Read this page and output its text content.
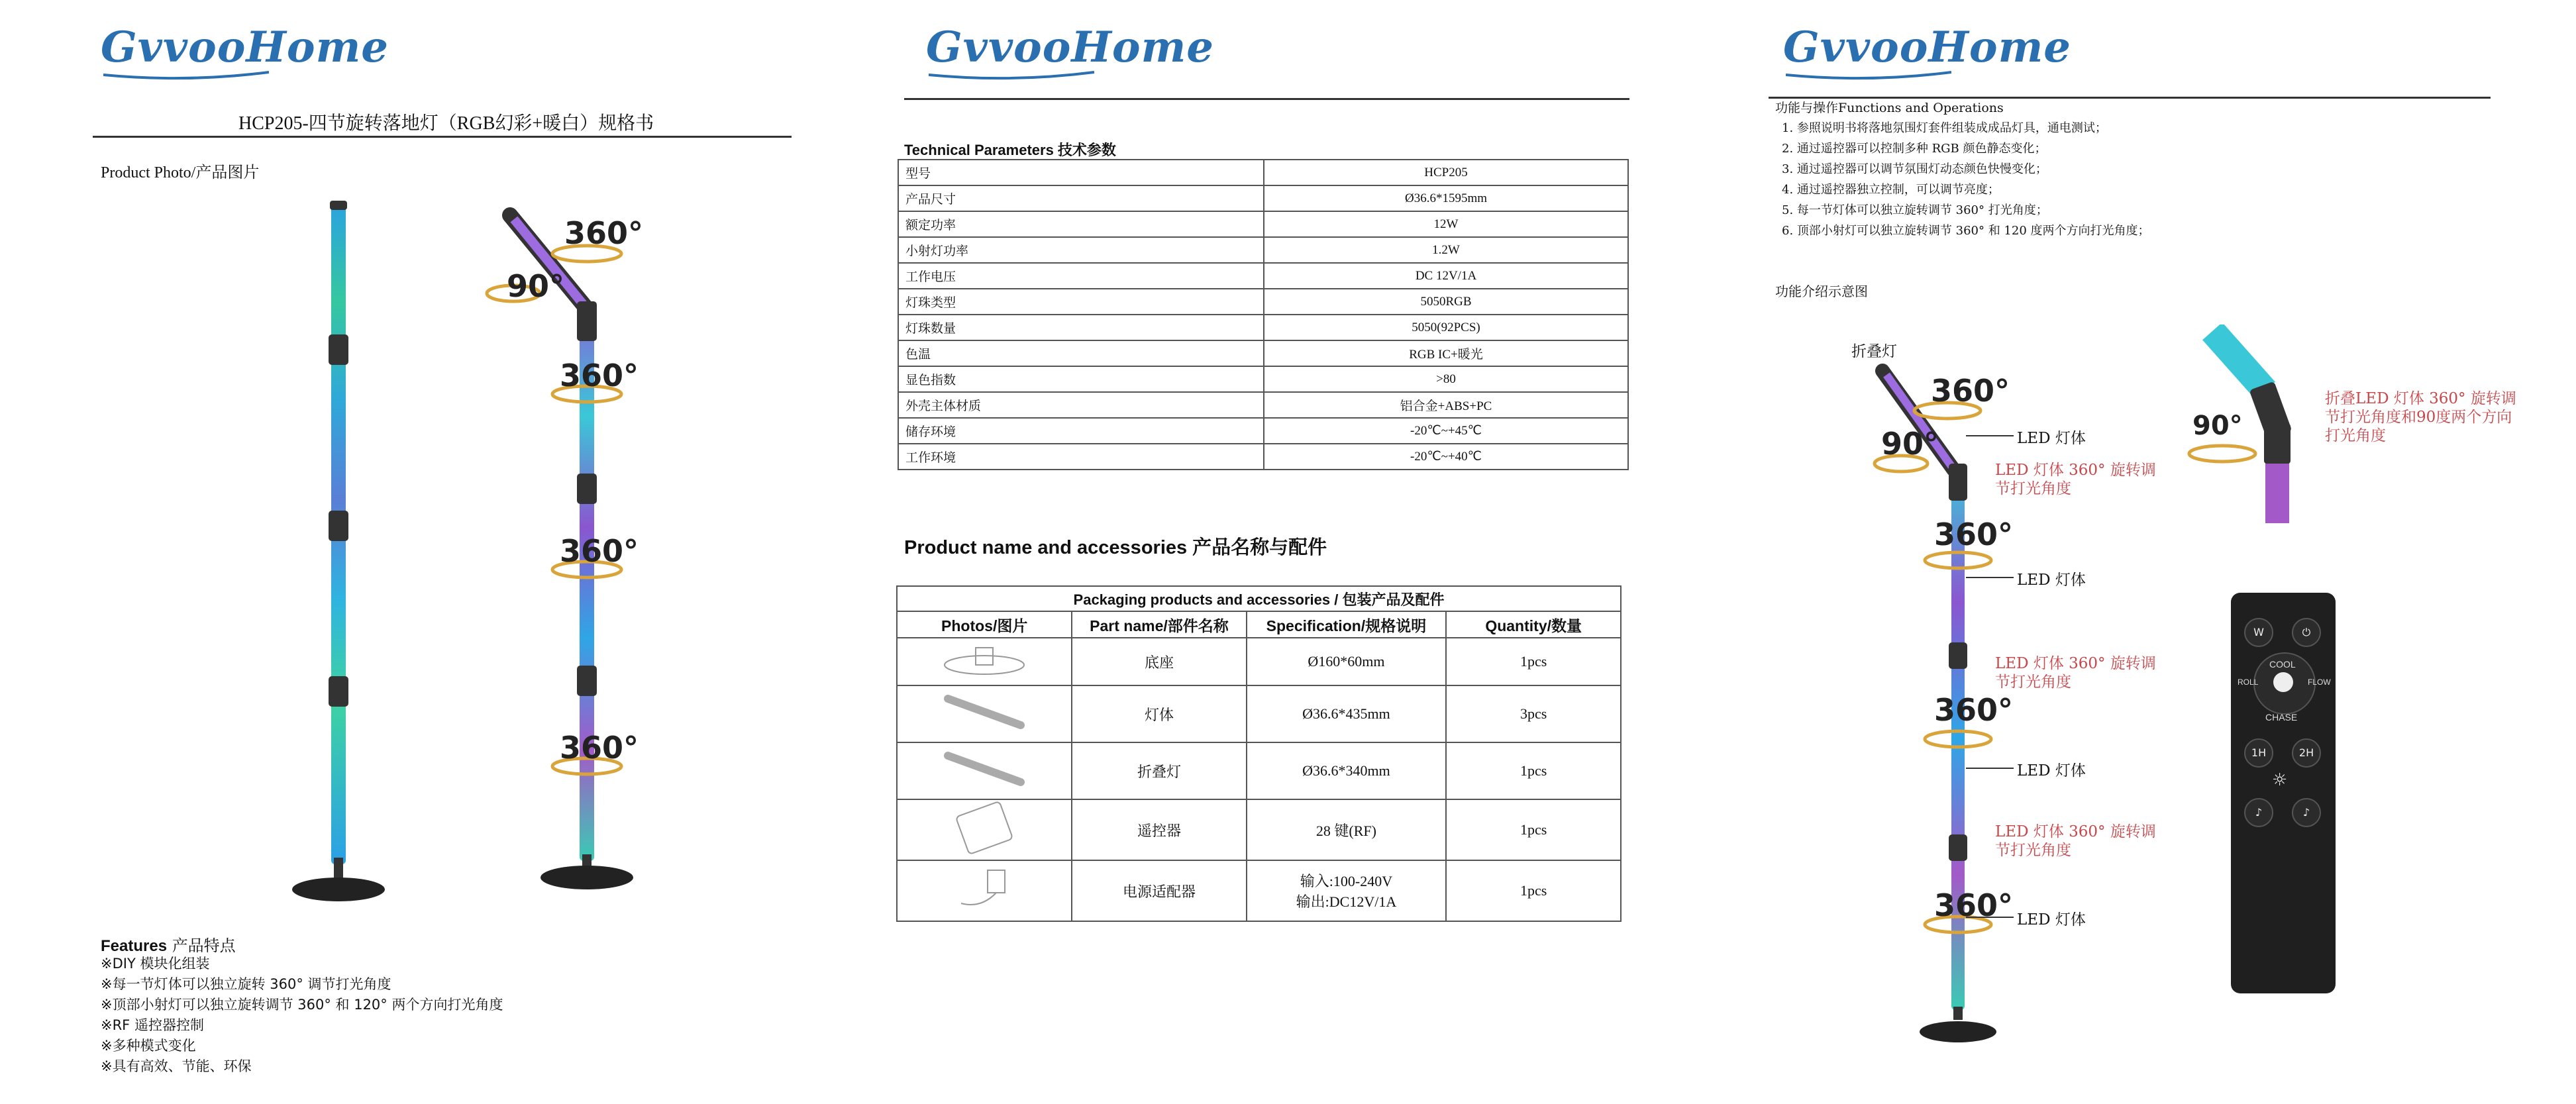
GvvooHome
HCP205-四节旋转落地灯（RGB幻彩+暖白）规格书
Product Photo/产品图片
360°
90°
360°
360°
360°
Features 产品特点
※DIY 模块化组装
※每一节灯体可以独立旋转 360° 调节打光角度
※顶部小射灯可以独立旋转调节 360° 和 120° 两个方向打光角度
※RF 遥控器控制
※多种模式变化
※具有高效、节能、环保
GvvooHome
Technical Parameters 技术参数
型号	HCP205
产品尺寸	Ø36.6*1595mm
额定功率	12W
小射灯功率	1.2W
工作电压	DC 12V/1A
灯珠类型	5050RGB
灯珠数量	5050(92PCS)
色温	RGB IC+暖光
显色指数	>80
外壳主体材质	铝合金+ABS+PC
储存环境	-20℃~+45℃
工作环境	-20℃~+40℃
Product name and accessories 产品名称与配件
Packaging products and accessories / 包装产品及配件			
Photos/图片	Part name/部件名称	Specification/规格说明	Quantity/数量
	底座	Ø160*60mm	1pcs
	灯体	Ø36.6*435mm	3pcs
	折叠灯	Ø36.6*340mm	1pcs
	遥控器	28 键(RF)	1pcs
	电源适配器	输入:100-240V
输出:DC12V/1A	1pcs
GvvooHome
功能与操作Functions and Operations
1. 参照说明书将落地氛围灯套件组装成成品灯具，通电测试；
2. 通过遥控器可以控制多种 RGB 颜色静态变化；
3. 通过遥控器可以调节氛围灯动态颜色快慢变化；
4. 通过遥控器独立控制，可以调节亮度；
5. 每一节灯体可以独立旋转调节 360° 打光角度；
6. 顶部小射灯可以独立旋转调节 360° 和 120 度两个方向打光角度；
功能介绍示意图
折叠灯
360°
90°
360°
360°
360°
LED 灯体
LED 灯体
LED 灯体
LED 灯体
LED 灯体 360° 旋转调
节打光角度
LED 灯体 360° 旋转调
节打光角度
LED 灯体 360° 旋转调
节打光角度
90°
折叠LED 灯体 360° 旋转调
节打光角度和90度两个方向
打光角度
W	⏻
COOL
ROLL	FLOW
CHASE
1H	2H
☼
♪	♪
